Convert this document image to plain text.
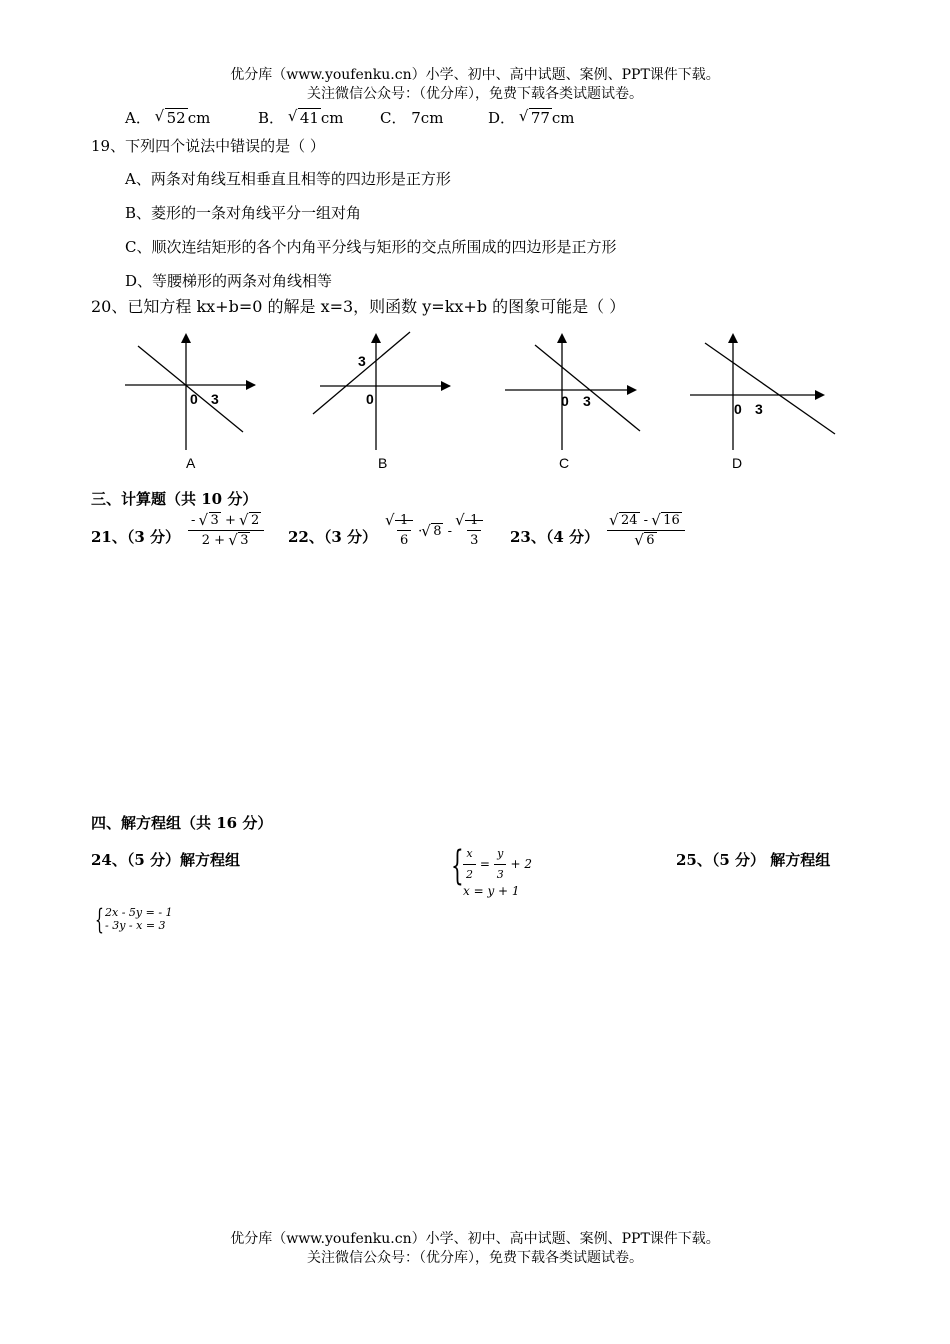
优分库（www.youfenku.cn）小学、初中、高中试题、案例、PPT课件下载。
关注微信公众号：（优分库），免费下载各类试题试卷。
A． √ 52 cm	B． √ 41 cm C． 7cm	D． √ 77 cm
19、下列四个说法中错误的是（ ）
A、两条对角线互相垂直且相等的四边形是正方形
B、菱形的一条对角线平分一组对角
C、顺次连结矩形的各个内角平分线与矩形的交点所围成的四边形是正方形
D、等腰梯形的两条对角线相等
20、已知方程 kx+b=0 的解是 x=3，则函数 y=kx+b 的图象可能是（ ）
0 3
A
3
0
B
0 3
C
0 3
D
三、计算题（共 10 分）
21、（3 分） $\frac{- √ 3 + √ 2}{2 + √ 3} 22$、（3 分） √ $\frac{1}{6}$ · √ 8 - √ $\frac{1}{3} 23$、（4 分） √ 24 - √ 16
√ 6
四、解方程组（共 16 分）
24、（5 分）解方程组	{ $\frac{x}{2} = \frac{y}{3} + 2$
x = y + 1
25、（5 分） 解方程组
{ 2x - 5y = - 1
- 3y - x = 3
优分库（www.youfenku.cn）小学、初中、高中试题、案例、PPT课件下载。
关注微信公众号：（优分库），免费下载各类试题试卷。
